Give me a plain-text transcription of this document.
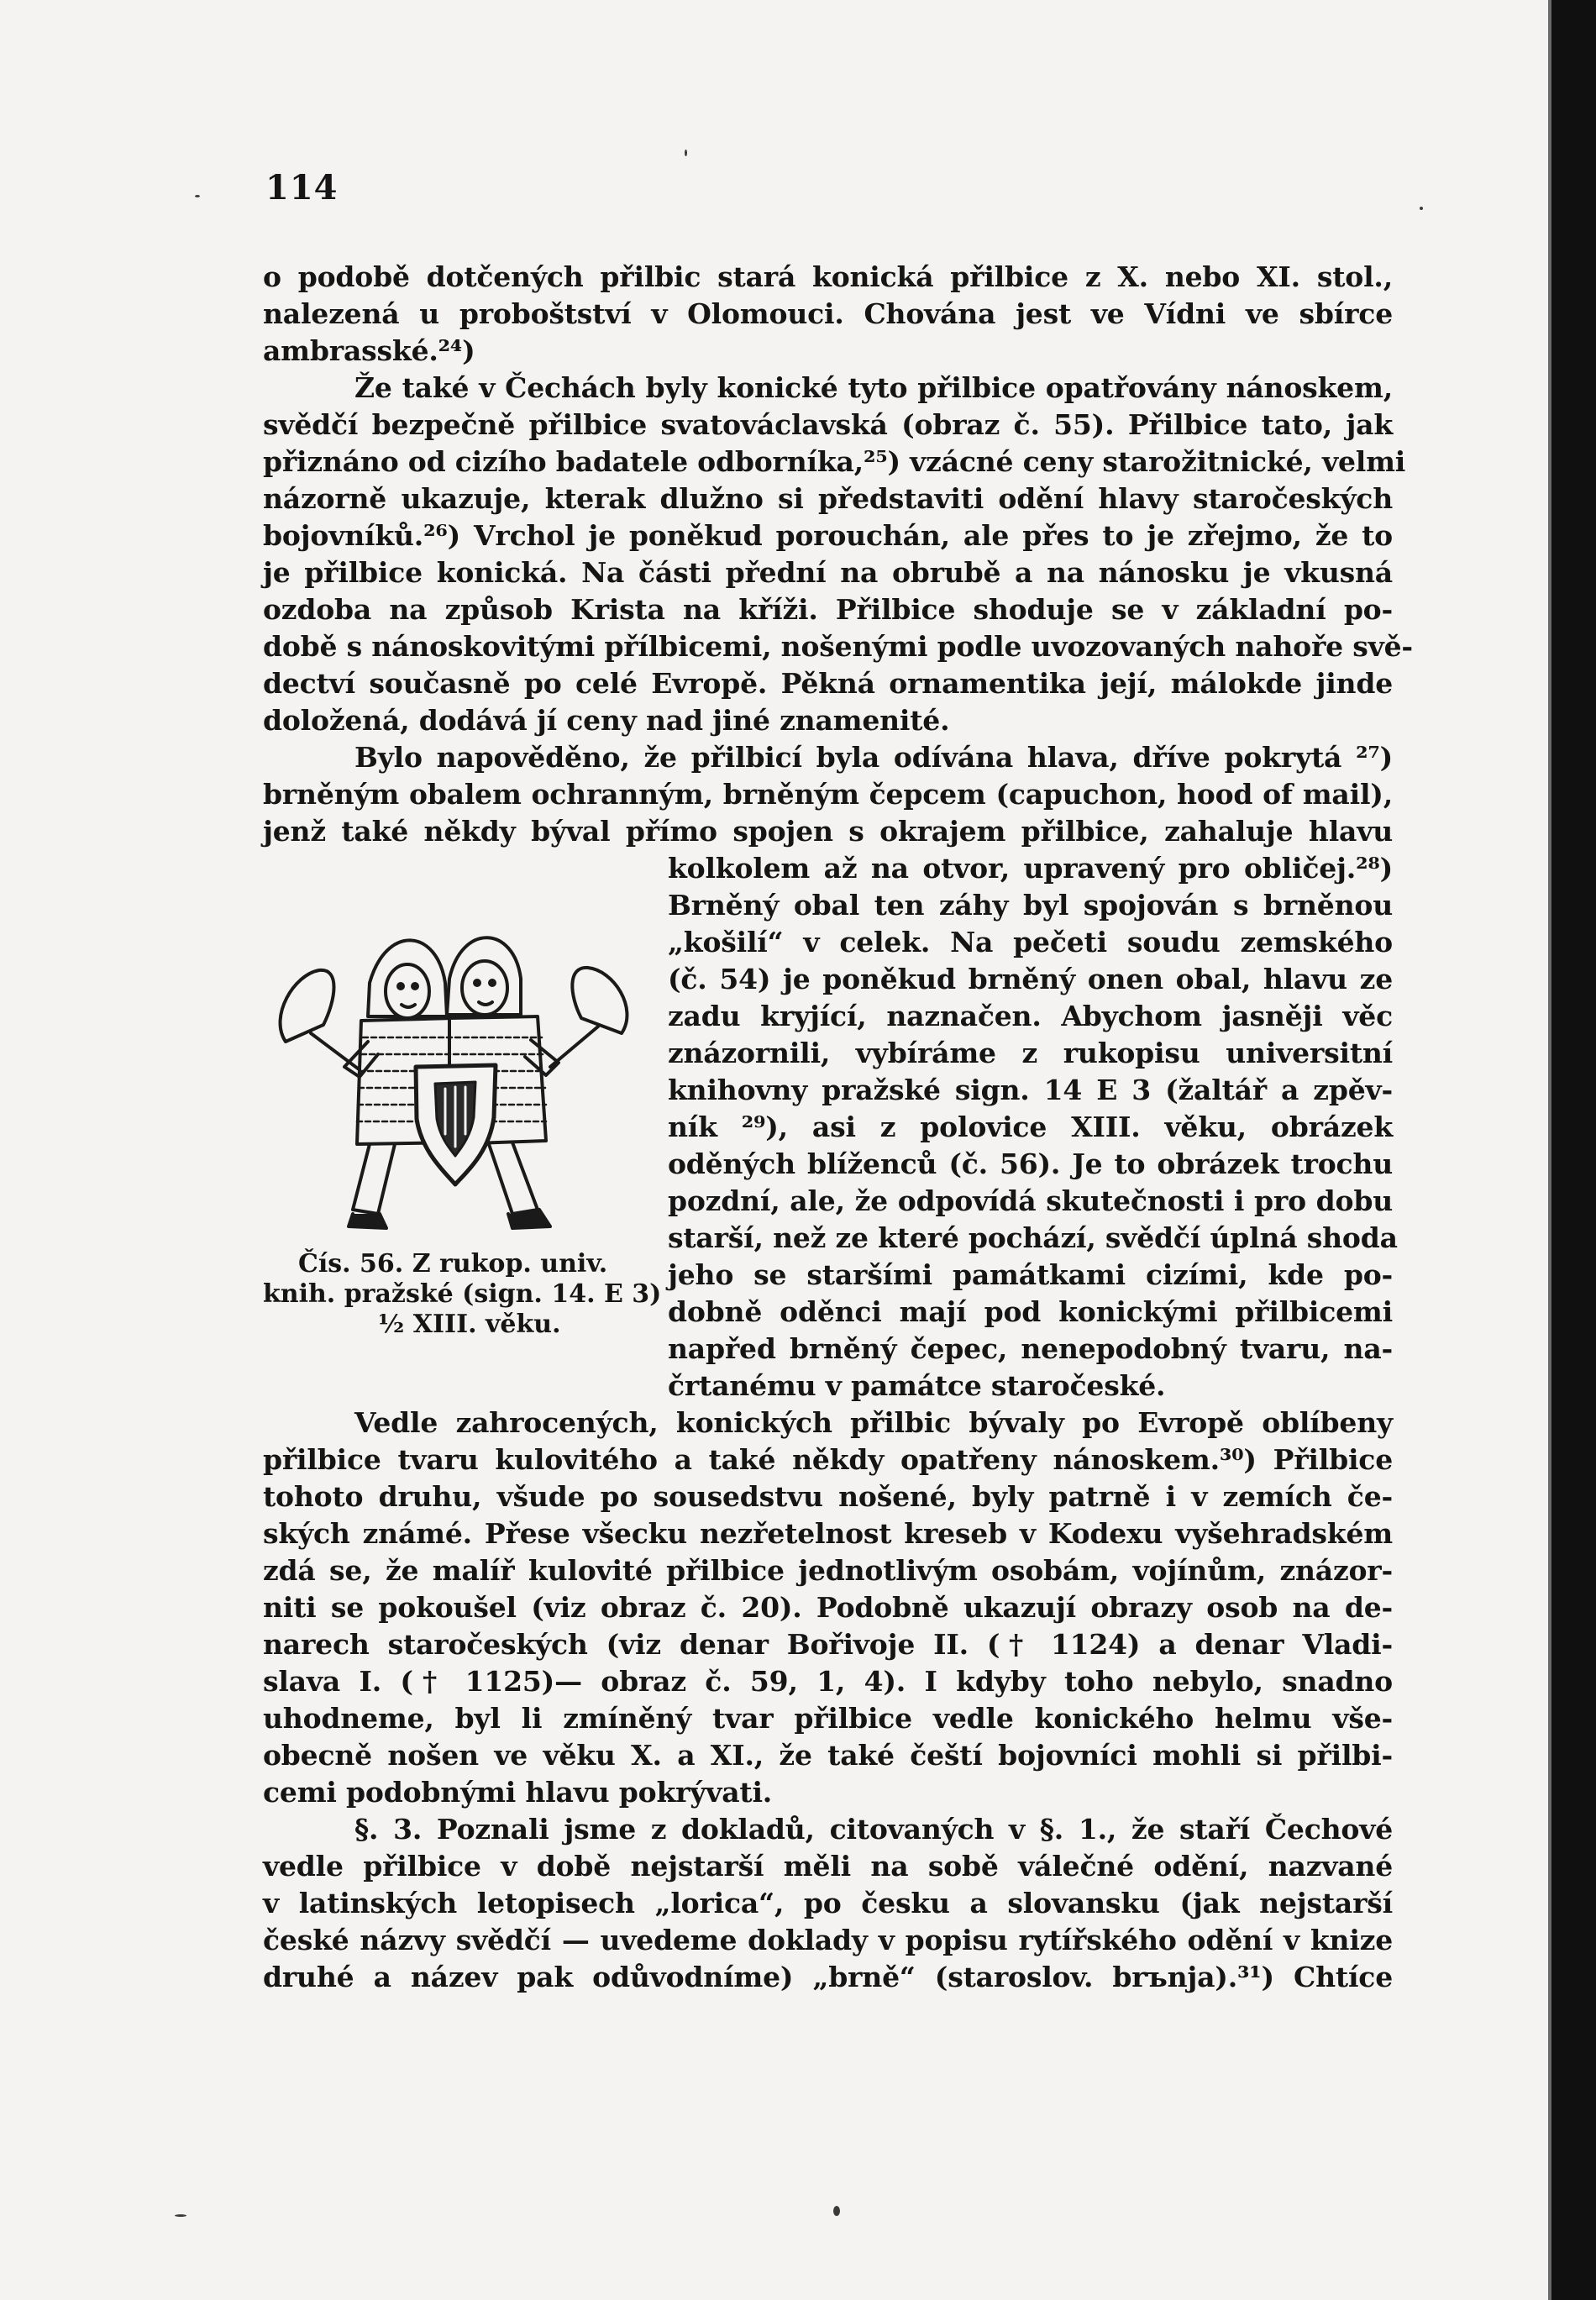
114
o podobě dotčených přilbic stará konická přilbice z X. nebo XI. stol.,
nalezená u proboštství v Olomouci. Chována jest ve Vídni ve sbírce
ambrasské.²⁴)
Že také v Čechách byly konické tyto přilbice opatřovány nánoskem,
svědčí bezpečně přilbice svatováclavská (obraz č. 55). Přilbice tato, jak
přiznáno od cizího badatele odborníka,²⁵) vzácné ceny starožitnické, velmi
názorně ukazuje, kterak dlužno si představiti odění hlavy staročeských
bojovníků.²⁶) Vrchol je poněkud porouchán, ale přes to je zřejmo, že to
je přilbice konická. Na části přední na obrubě a na nánosku je vkusná
ozdoba na způsob Krista na kříži. Přilbice shoduje se v základní po-
době s nánoskovitými přílbicemi, nošenými podle uvozovaných nahoře svě-
dectví současně po celé Evropě. Pěkná ornamentika její, málokde jinde
doložená, dodává jí ceny nad jiné znamenité.
Bylo napověděno, že přilbicí byla odívána hlava, dříve pokrytá ²⁷)
brněným obalem ochranným, brněným čepcem (capuchon, hood of mail),
jenž také někdy býval přímo spojen s okrajem přilbice, zahaluje hlavu
kolkolem až na otvor, upravený pro obličej.²⁸)
Brněný obal ten záhy byl spojován s brněnou
„košilí“ v celek. Na pečeti soudu zemského
(č. 54) je poněkud brněný onen obal, hlavu ze
zadu kryjící, naznačen. Abychom jasněji věc
znázornili, vybíráme z rukopisu universitní
knihovny pražské sign. 14 E 3 (žaltář a zpěv-
ník ²⁹), asi z polovice XIII. věku, obrázek
oděných blíženců (č. 56). Je to obrázek trochu
pozdní, ale, že odpovídá skutečnosti i pro dobu
starší, než ze které pochází, svědčí úplná shoda
jeho se staršími památkami cizími, kde po-
dobně oděnci mají pod konickými přilbicemi
napřed brněný čepec, nenepodobný tvaru, na-
črtanému v památce staročeské.
Vedle zahrocených, konických přilbic bývaly po Evropě oblíbeny
přilbice tvaru kulovitého a také někdy opatřeny nánoskem.³⁰) Přilbice
tohoto druhu, všude po sousedstvu nošené, byly patrně i v zemích če-
ských známé. Přese všecku nezřetelnost kreseb v Kodexu vyšehradském
zdá se, že malíř kulovité přilbice jednotlivým osobám, vojínům, znázor-
niti se pokoušel (viz obraz č. 20). Podobně ukazují obrazy osob na de-
narech staročeských (viz denar Bořivoje II. († 1124) a denar Vladi-
slava I. († 1125)— obraz č. 59, 1, 4). I kdyby toho nebylo, snadno
uhodneme, byl li zmíněný tvar přilbice vedle konického helmu vše-
obecně nošen ve věku X. a XI., že také čeští bojovníci mohli si přilbi-
cemi podobnými hlavu pokrývati.
§. 3. Poznali jsme z dokladů, citovaných v §. 1., že staří Čechové
vedle přilbice v době nejstarší měli na sobě válečné odění, nazvané
v latinských letopisech „lorica“, po česku a slovansku (jak nejstarší
české názvy svědčí — uvedeme doklady v popisu rytířského odění v knize
druhé a název pak odůvodníme) „brně“ (staroslov. brъnja).³¹) Chtíce
Čís. 56. Z rukop. univ.
knih. pražské (sign. 14. E 3)
½ XIII. věku.
